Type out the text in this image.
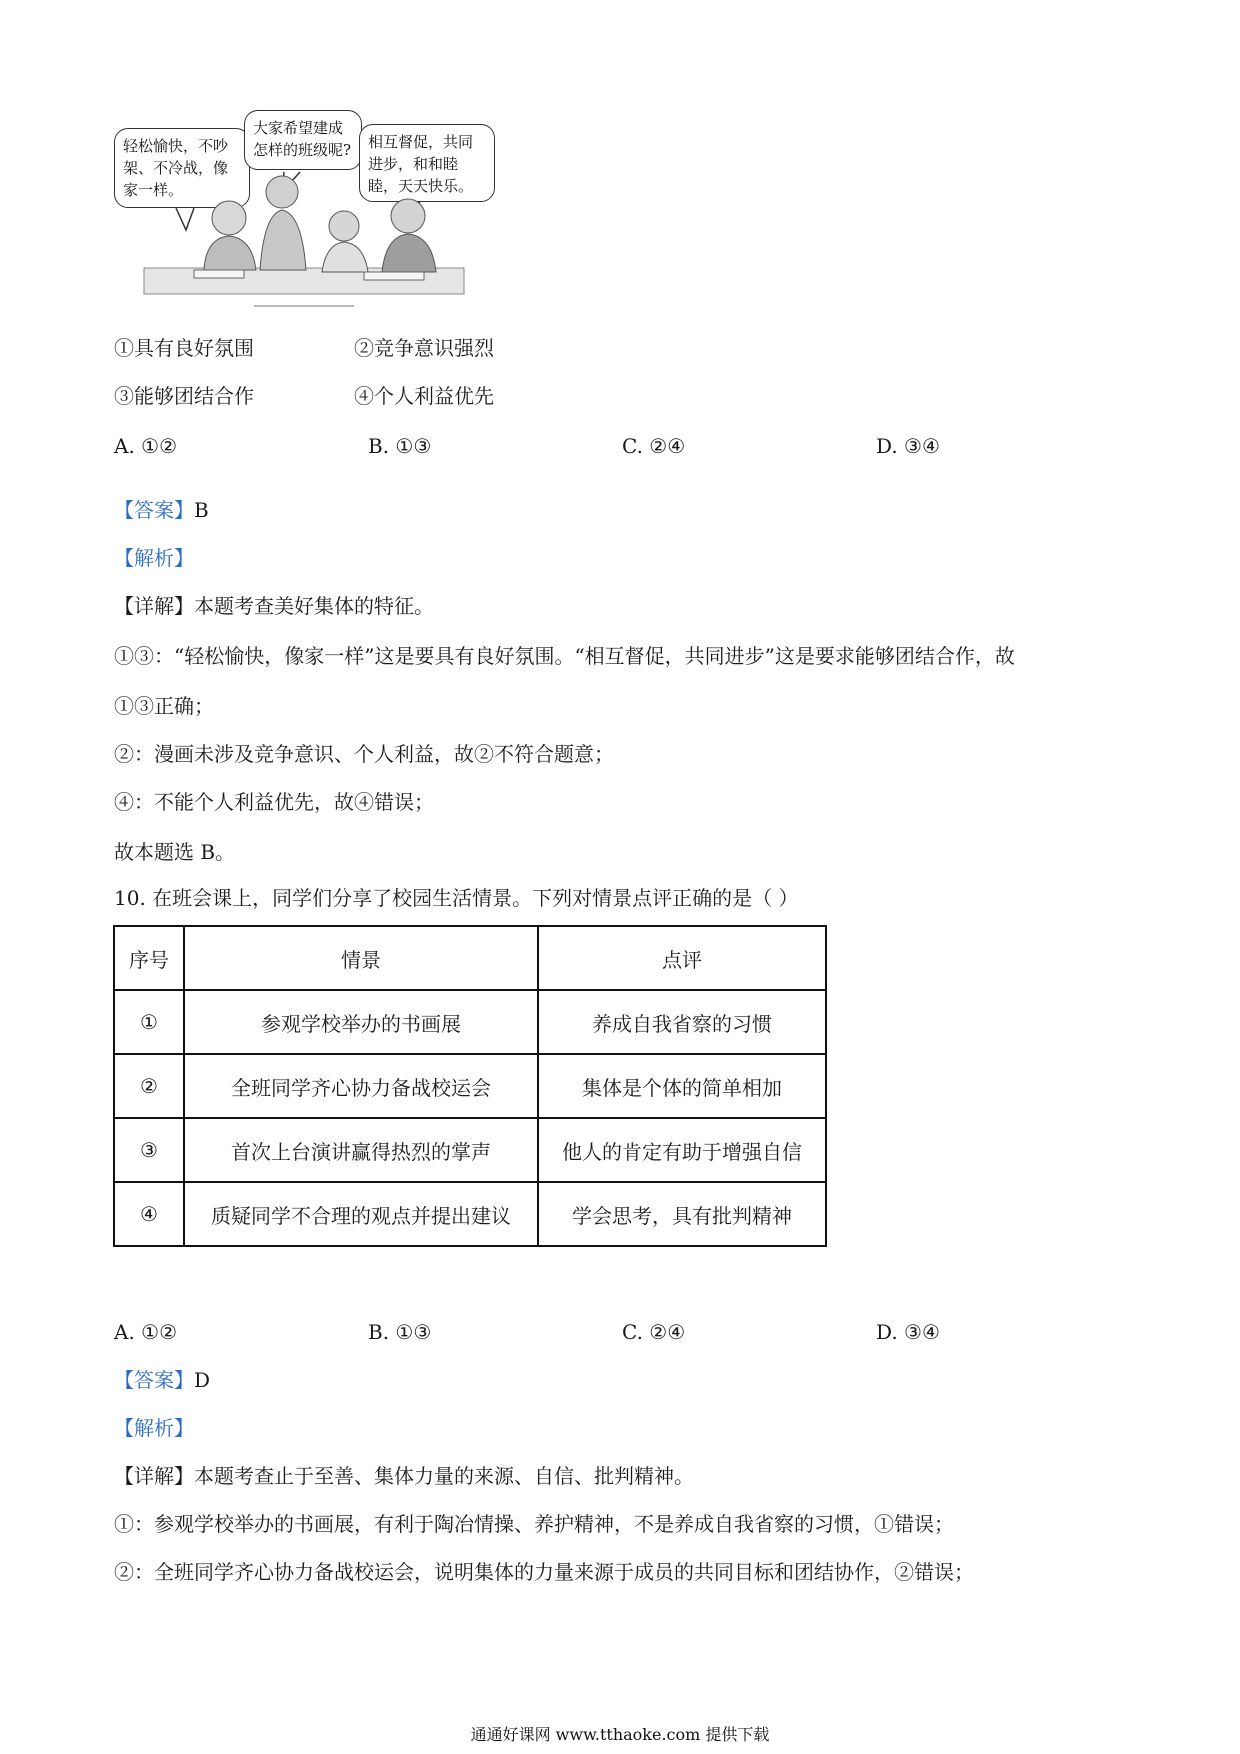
轻松愉快，不吵架、不冷战，像家一样。
大家希望建成怎样的班级呢?	相互督促，共同进步，和和睦睦，天天快乐。
①具有良好氛围	②竞争意识强烈
③能够团结合作	④个人利益优先
A. ①②	B. ①③	C. ②④	D. ③④
【答案】B
【解析】
【详解】本题考查美好集体的特征。
①③：“轻松愉快，像家一样”这是要具有良好氛围。“相互督促，共同进步”这是要求能够团结合作，故
①③正确；
②：漫画未涉及竞争意识、个人利益，故②不符合题意；
④：不能个人利益优先，故④错误；
故本题选 B。
10. 在班会课上，同学们分享了校园生活情景。下列对情景点评正确的是（ ）
序号	情景	点评
①	参观学校举办的书画展	养成自我省察的习惯
②	全班同学齐心协力备战校运会	集体是个体的简单相加
③	首次上台演讲赢得热烈的掌声	他人的肯定有助于增强自信
④	质疑同学不合理的观点并提出建议	学会思考，具有批判精神
A. ①②	B. ①③	C. ②④	D. ③④
【答案】D
【解析】
【详解】本题考查止于至善、集体力量的来源、自信、批判精神。
①：参观学校举办的书画展，有利于陶冶情操、养护精神，不是养成自我省察的习惯，①错误；
②：全班同学齐心协力备战校运会，说明集体的力量来源于成员的共同目标和团结协作，②错误；
通通好课网 www.tthaoke.com 提供下载
